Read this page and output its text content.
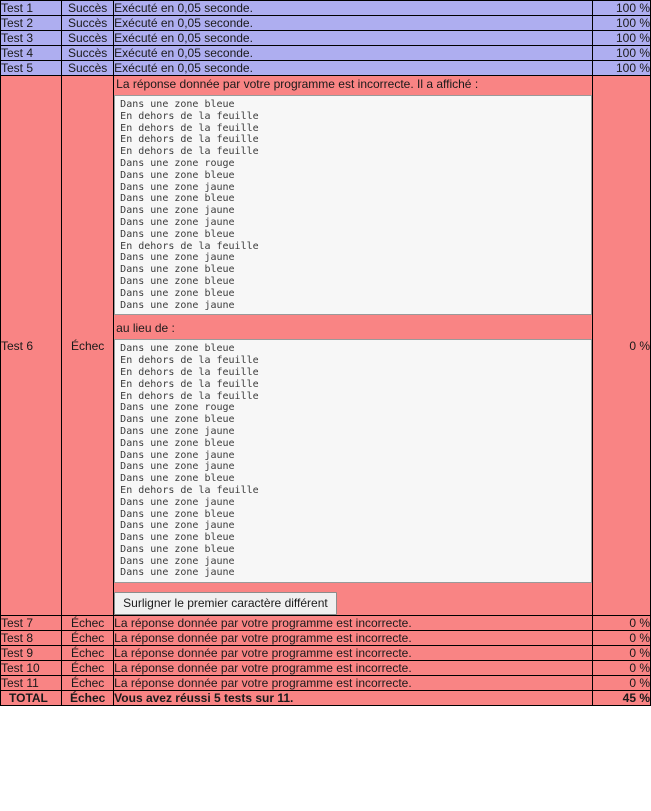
Test 1	Succès	Exécuté en 0,05 seconde.	100 %
Test 2	Succès	Exécuté en 0,05 seconde.	100 %
Test 3	Succès	Exécuté en 0,05 seconde.	100 %
Test 4	Succès	Exécuté en 0,05 seconde.	100 %
Test 5	Succès	Exécuté en 0,05 seconde.	100 %
Test 6	Échec	
La réponse donnée par votre programme est incorrecte. Il a affiché :
Dans une zone bleue
En dehors de la feuille
En dehors de la feuille
En dehors de la feuille
En dehors de la feuille
Dans une zone rouge
Dans une zone bleue
Dans une zone jaune
Dans une zone bleue
Dans une zone jaune
Dans une zone jaune
Dans une zone bleue
En dehors de la feuille
Dans une zone jaune
Dans une zone bleue
Dans une zone bleue
Dans une zone bleue
Dans une zone jaune
au lieu de :
Dans une zone bleue
En dehors de la feuille
En dehors de la feuille
En dehors de la feuille
En dehors de la feuille
Dans une zone rouge
Dans une zone bleue
Dans une zone jaune
Dans une zone bleue
Dans une zone jaune
Dans une zone jaune
Dans une zone bleue
En dehors de la feuille
Dans une zone jaune
Dans une zone bleue
Dans une zone jaune
Dans une zone bleue
Dans une zone bleue
Dans une zone jaune
Dans une zone jaune
Surligner le premier caractère différent	0 %
Test 7	Échec	La réponse donnée par votre programme est incorrecte.	0 %
Test 8	Échec	La réponse donnée par votre programme est incorrecte.	0 %
Test 9	Échec	La réponse donnée par votre programme est incorrecte.	0 %
Test 10	Échec	La réponse donnée par votre programme est incorrecte.	0 %
Test 11	Échec	La réponse donnée par votre programme est incorrecte.	0 %
TOTAL	Échec	Vous avez réussi 5 tests sur 11.	45 %
